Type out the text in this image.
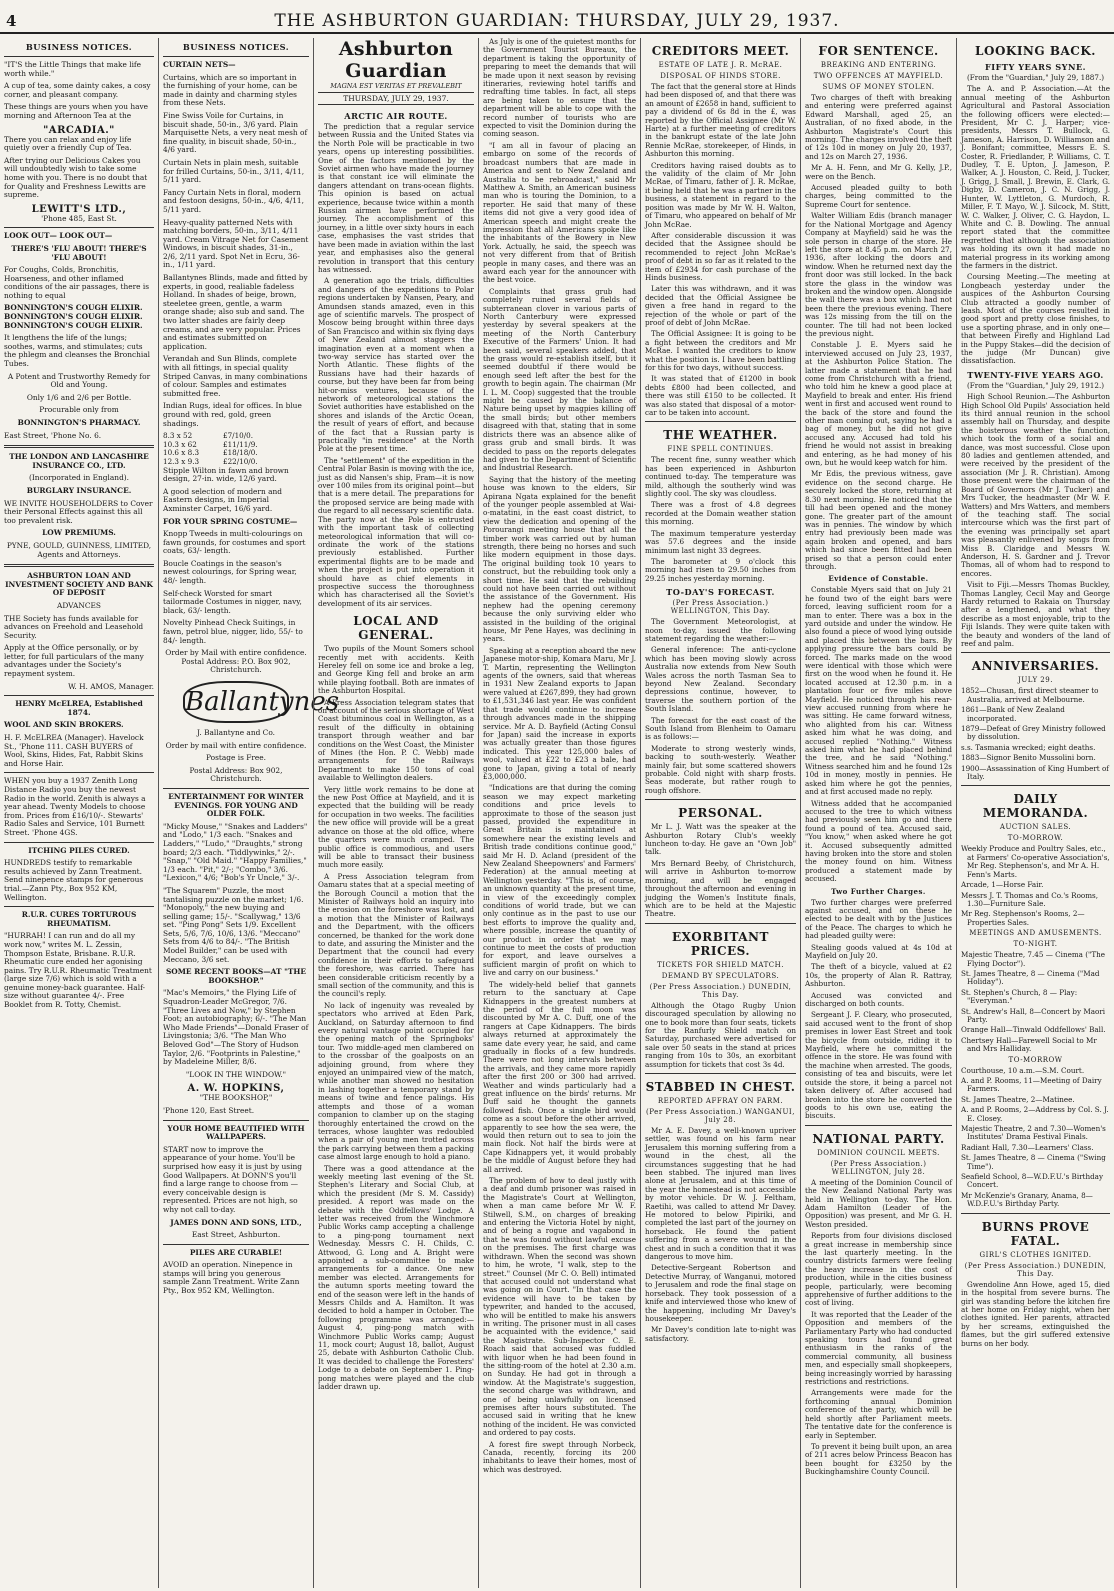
4	THE ASHBURTON GUARDIAN: THURSDAY, JULY 29, 1937.
BUSINESS NOTICES.
"IT'S the Little Things that make life worth while."
A cup of tea, some dainty cakes, a cosy corner, and pleasant company.
These things are yours when you have morning and Afternoon Tea at the
"ARCADIA."
There you can relax and enjoy life quietly over a friendly Cup of Tea.
After trying our Delicious Cakes you will undoubtedly wish to take some home with you. There is no doubt that for Quality and Freshness Lewitts are supreme.
LEWITT'S LTD.,
'Phone 485, East St.
LOOK OUT— LOOK OUT—
THERE'S 'FLU ABOUT! THERE'S 'FLU ABOUT!
For Coughs, Colds, Bronchitis, Hoarseness, and other inflamed conditions of the air passages, there is nothing to equal
BONNINGTON'S COUGH ELIXIR. BONNINGTON'S COUGH ELIXIR. BONNINGTON'S COUGH ELIXIR.
It lengthens the life of the lungs; soothes, warms, and stimulates; cuts the phlegm and cleanses the Bronchial Tubes.
A Potent and Trustworthy Remedy for Old and Young.
Only 1/6 and 2/6 per Bottle.
Procurable only from
BONNINGTON'S PHARMACY.
East Street, 'Phone No. 6.
THE LONDON AND LANCASHIRE INSURANCE CO., LTD.
(Incorporated in England).
BURGLARY INSURANCE.
WE INVITE HOUSEHOLDERS to Cover their Personal Effects against this all too prevalent risk.
LOW PREMIUMS.
PYNE, GOULD, GUINNESS, LIMITED, Agents and Attorneys.
ASHBURTON LOAN AND INVESTMENT SOCIETY AND BANK OF DEPOSIT
ADVANCES
THE Society has funds available for advances on Freehold and Leasehold Security.
Apply at the Office personally, or by letter, for full particulars of the many advantages under the Society's repayment system.
W. H. AMOS, Manager.
HENRY McELREA, Established 1874.
WOOL AND SKIN BROKERS.
H. F. McELREA (Manager). Havelock St., 'Phone 111. CASH BUYERS of Wool, Skins, Hides, Fat, Rabbit Skins and Horse Hair.
WHEN you buy a 1937 Zenith Long Distance Radio you buy the newest Radio in the world. Zenith is always a year ahead. Twenty Models to choose from. Prices from £16/10/-. Stewarts' Radio Sales and Service, 101 Burnett Street. 'Phone 4GS.
ITCHING PILES CURED.
HUNDREDS testify to remarkable results achieved by Zann Treatment. Send ninepence stamps for generous trial.—Zann Pty., Box 952 KM, Wellington.
R.U.R. CURES TORTUROUS RHEUMATISM.
"HURRAH! I can run and do all my work now," writes M. L. Zessin, Thompson Estate, Brisbane. R.U.R. Rheumatic cure ended her agonising pains. Try R.U.R. Rheumatic Treatment (large size 7/6) which is sold with a genuine money-back guarantee. Half-size without guarantee 4/-. Free Booklet from R. Totty, Chemist.
BUSINESS NOTICES.
CURTAIN NETS—
Curtains, which are so important in the furnishing of your home, can be made in dainty and charming styles from these Nets.
Fine Swiss Voile for Curtains, in biscuit shade, 50-in., 3/6 yard. Plain Marquisette Nets, a very neat mesh of fine quality, in biscuit shade, 50-in., 4/6 yard.
Curtain Nets in plain mesh, suitable for frilled Curtains, 50-in., 3/11, 4/11, 5/11 yard.
Fancy Curtain Nets in floral, modern and festoon designs, 50-in., 4/6, 4/11, 5/11 yard.
Heavy-quality patterned Nets with matching borders, 50-in., 3/11, 4/11 yard. Cream Vitrage Net for Casement Windows, in biscuit shades, 31-in., 2/6, 2/11 yard. Spot Net in Ecru, 36-in., 1/11 yard.
Ballantynes Blinds, made and fitted by experts, in good, realiable fadeless Holland. In shades of beige, brown, steeletee green, gentle, a warm orange shade; also sub and sand. The two latter shades are fairly deep creams, and are very popular. Prices and estimates submitted on application.
Verandah and Sun Blinds, complete with all fittings, in special quality Striped Canvas, in many combinations of colour. Samples and estimates submitted free.
Indian Rugs, ideal for offices. In blue ground with red, gold, green shadings.
8.3 x 52	£7/10/0.
10.3 x 62	£11/11/9.
10.6 x 8.3	£18/18/0.
12.3 x 9.3	£22/10/0.
Stipple Wilton in fawn and brown design, 27-in. wide, 12/6 yard.
A good selection of modern and Eastern designs, in Imperial Axminster Carpet, 16/6 yard.
FOR YOUR SPRING COSTUME—
Knopp Tweeds in multi-colourings on fawn grounds, for costumes and sport coats, 63/- length.
Boucle Coatings in the season's newest colourings, for Spring wear, 48/- length.
Self-check Worsted for smart tailormade Costumes in nigger, navy, black, 63/- length.
Novelty Pinhead Check Suitings, in fawn, petrol blue, nigger, lido, 55/- to 84/- length.
Order by Mail with entire confidence. Postal Address: P.O. Box 902, Christchurch.
Ballantynes
J. Ballantyne and Co.
Order by mail with entire confidence.
Postage is Free.
Postal Address: Box 902, Christchurch.
ENTERTAINMENT FOR WINTER EVENINGS. FOR YOUNG AND OLDER FOLK.
"Micky Mouse," "Snakes and Ladders" and "Lodo," 1/3 each. "Snakes and Ladders," "Ludo," "Draughts," strong board; 2/3 each. "Tiddlywinks," 2/-. "Snap," "Old Maid." "Happy Families," 1/3 each. "Pit," 2/-; "Combo," 3/6. "Lexicon," 4/6; "Bob's Yr Uncle," 3/-.
"The Squarem" Puzzle, the most tantalising puzzle on the market; 1/6. "Monopoly," the new buying and selling game; 15/-. "Scallywag," 13/6 set. "Ping Pong" Sets 1/9. Excellent Sets, 5/6, 7/6, 10/6, 13/6. "Meccano" Sets from 4/6 to 84/-. "The British Model Builder," can be used with Meccano, 3/6 set.
SOME RECENT BOOKS—AT "THE BOOKSHOP."
"Mac's Memoirs," the Flying Life of Squadron-Leader McGregor, 7/6. "Three Lives and Now," by Stephen Foot; an autobiography; 6/-. "The Man Who Made Friends"—Donald Fraser of Livingstonia; 3/6. "The Man Who Beloved God"—The Story of Hudson Taylor, 2/6. "Footprints in Palestine," by Madeleine Miller, 8/6.
"LOOK IN THE WINDOW."
A. W. HOPKINS,
"THE BOOKSHOP,"
'Phone 120, East Street.
YOUR HOME BEAUTIFIED WITH WALLPAPERS.
START now to improve the appearance of your home. You'll be surprised how easy it is just by using Good Wallpapers. At DONN'S you'll find a large range to choose from — every conceivable design is represented. Prices are not high, so why not call to-day.
JAMES DONN AND SONS, LTD.,
East Street, Ashburton.
PILES ARE CURABLE!
AVOID an operation. Ninepence in stamps will bring you generous sample Zann Treatment. Write Zann Pty., Box 952 KM, Wellington.
Ashburton Guardian
MAGNA EST VERITAS ET PREVALEBIT
THURSDAY, JULY 29, 1937.
ARCTIC AIR ROUTE.
The prediction that a regular service between Russia and the United States via the North Pole will be practicable in two years, opens up interesting possibilities. One of the factors mentioned by the Soviet airmen who have made the journey is that constant ice will eliminate the dangers attendant on trans-ocean flights. This opinion is based on actual experience, because twice within a month Russian airmen have performed the journey. The accomplishment of this journey, in a little over sixty hours in each case, emphasises the vast strides that have been made in aviation within the last year, and emphasises also the general revolution in transport that this century has witnessed.
A generation ago the trials, difficulties and dangers of the expeditions to Polar regions undertaken by Nansen, Peary, and Amundsen stands amazed, even in this age of scientific marvels. The prospect of Moscow being brought within three days of San Francisco and within six flying days of New Zealand almost staggers the imagination even at a moment when a two-way service has started over the North Atlantic. These flights of the Russians have had their hazards of course, but they have been far from being hit-or-miss ventures, because of the network of meteorological stations the Soviet authorities have established on the shores and islands of the Arctic Ocean, the result of years of effort, and because of the fact that a Russian party is practically "in residence" at the North Pole at the present time.
The "settlement" of the expedition in the Central Polar Basin is moving with the ice, just as did Nansen's ship, Fram—it is now over 100 miles from its original point—but that is a mere detail. The preparations for the proposed service are being made with due regard to all necessary scientific data. The party now at the Pole is entrusted with the important task of collecting meteorological information that will co-ordinate the work of the stations previously established. Further experimental flights are to be made and when the project is put into operation it should have as chief elements in prospective success the thoroughness which has characterised all the Soviet's development of its air services.
LOCAL AND GENERAL.
Two pupils of the Mount Somers school recently met with accidents. Keith Hereley fell on some ice and broke a leg, and George King fell and broke an arm while playing football. Both are inmates of the Ashburton Hospital.
A Press Association telegram states that on account of the serious shortage of West Coast bituminous coal in Wellington, as a result of the difficulty in obtaining transport through weather and bar conditions on the West Coast, the Minister of Mines (the Hon. P. C. Webb) made arrangements for the Railways Department to make 150 tons of coal available to Wellington dealers.
Very little work remains to be done at the new Post Office at Mayfield, and it is expected that the building will be ready for occupation in two weeks. The facilities the new office will provide will be a great advance on those at the old office, where the quarters were much cramped. The public office is commodious, and users will be able to transact their business much more easily.
A Press Association telegram from Oamaru states that at a special meeting of the Borough Council a motion that the Minister of Railways hold an inquiry into the erosion on the foreshore was lost, and a motion that the Minister of Railways and the Department, with the officers concerned, be thanked for the work done to date, and assuring the Minister and the Department that the council had every confidence in their efforts to safeguard the foreshore, was carried. There has been considerable criticism recently by a small section of the community, and this is the council's reply.
No lack of ingenuity was revealed by spectators who arrived at Eden Park, Auckland, on Saturday afternoon to find every natural vantage point occupied for the opening match of the Springboks' tour. Two middle-aged men clambered on to the crossbar of the goalposts on an adjoining ground, from where they enjoyed an unimpaired view of the match, while another man showed no hesitation in lashing together a temporary stand by means of twine and fence palings. His attempts and those of a woman companion to clamber up on the staging thoroughly entertained the crowd on the terraces, whose laughter was redoubled when a pair of young men trotted across the park carrying between them a packing case almost large enough to hold a piano.
There was a good attendance at the weekly meeting last evening of the St. Stephen's Literary and Social Club, at which the president (Mr S. M. Cassidy) presided. A report was made on the debate with the Oddfellows' Lodge. A letter was received from the Winchmore Public Works camp accepting a challenge to a ping-pong tournament next Wednesday. Messrs C. H. Childs, C. Attwood, G. Long and A. Bright were appointed a sub-committee to make arrangements for a dance. One new member was elected. Arrangements for the autumn sports meeting toward the end of the season were left in the hands of Messrs Childs and A. Hamilton. It was decided to hold a hamper in October. The following programme was arranged:—August 4, ping-pong match with Winchmore Public Works camp; August 11, mock court; August 18, ballot, August 25, debate with Ashburton Catholic Club. It was decided to challenge the Foresters' Lodge to a debate on September 1. Ping-pong matches were played and the club ladder drawn up.
As July is one of the quietest months for the Government Tourist Bureaux, the department is taking the opportunity of preparing to meet the demands that will be made upon it next season by revising itineraries, reviewing hotel tariffs and redrafting time tables. In fact, all steps are being taken to ensure that the department will be able to cope with the record number of tourists who are expected to visit the Dominion during the coming season.
"I am all in favour of placing an embargo on some of the records of broadcast numbers that are made in America and sent to New Zealand and Australia to be rebroadcast," said Mr Matthew A. Smith, an American business man who is touring the Dominion, to a reporter. He said that many of these items did not give a very good idea of American speech and might create the impression that all Americans spoke like the inhabitants of the Bowery in New York. Actually, he said, the speech was not very different from that of British people in many cases, and there was an award each year for the announcer with the best voice.
Complaints that grass grub had completely ruined several fields of subterranean clover in various parts of North Canterbury were expressed yesterday by several speakers at the meeting of the North Canterbury Executive of the Farmers' Union. It had been said, several speakers added, that the grass would re-establish itself, but it seemed doubtful if there would be enough seed left after the best for the growth to begin again. The chairman (Mr I. L. M. Coop) suggested that the trouble might be caused by the balance of Nature being upset by magpies killing off the small birds; but other members disagreed with that, stating that in some districts there was an absence alike of grass grub and small birds. It was decided to pass on the reports delegates had given to the Department of Scientific and Industrial Research.
Saying that the history of the meeting house was known to the elders, Sir Apirana Ngata explained for the benefit of the younger people assembled at Wai-o-matatini, in the east coast district, to view the dedication and opening of the Porourangi meeting house that all the timber work was carried out by human strength, there being no horses and such like modern equipment in those days. The original building took 10 years to construct, but the rebuilding took only a short time. He said that the rebuilding could not have been carried out without the assistance of the Government. His nephew had the opening ceremony because the only surviving elder who assisted in the building of the original house, Mr Pene Hayes, was declining in years.
Speaking at a reception aboard the new Japanese motor-ship, Komara Maru, Mr J. T. Martin, representing the Wellington agents of the owners, said that whereas in 1931 New Zealand exports to Japan were valued at £267,899, they had grown to £1,531,346 last year. He was confident that trade would continue to increase through advances made in the shipping service. Mr A. D. Bayfield (Acting Consul for Japan) said the increase in exports was actually greater than those figures indicated. This year 125,000 bales of wool, valued at £22 to £23 a bale, had gone to Japan, giving a total of nearly £3,000,000.
"Indications are that during the coming season we may expect marketing conditions and price levels to approximate to those of the season just passed, provided the expenditure in Great Britain is maintained at somewhere near the existing levels and British trade conditions continue good," said Mr H. D. Acland (president of the New Zealand Sheepowners' and Farmers' Federation) at the annual meeting at Wellington yesterday. "This is, of course, an unknown quantity at the present time, in view of the exceedingly complex conditions of world trade, but we can only continue as in the past to use our best efforts to improve the quality and, where possible, increase the quantity of our product in order that we may continue to meet the costs of production for export, and leave ourselves a sufficient margin of profit on which to live and carry on our business."
The widely-held belief that gannets return to the sanctuary at Cape Kidnappers in the greatest numbers at the period of the full moon was discounted by Mr A. C. Duff, one of the rangers at Cape Kidnappers. The birds always returned at approximately the same date every year, he said, and came gradually in flocks of a few hundreds. There were not long intervals between the arrivals, and they came more rapidly after the first 200 or 300 had arrived. Weather and winds particularly had a great influence on the birds' returns. Mr Duff said he thought the gannets followed fish. Once a single bird would come as a scout before the other arrived, apparently to see how the sea were, the would then return out to sea to join the main flock. Not half the birds were at Cape Kidnappers yet, it would probably be the middle of August before they had all arrived.
The problem of how to deal justly with a deaf and dumb prisoner was raised in the Magistrate's Court at Wellington, when a man came before Mr W. F. Stilwell, S.M., on charges of breaking and entering the Victoria Hotel by night, and of being a rogue and vagabond in that he was found without lawful excuse on the premises. The first charge was withdrawn. When the second was shown to him, he wrote, "I walk, step to the street." Counsel (Mr C. O. Bell) intimated that accused could not understand what was going on in Court. "In that case the evidence will have to be taken by typewriter, and handed to the accused, who will be entitled to make his answers in writing. The prisoner must in all cases be acquainted with the evidence," said the Magistrate. Sub-Inspector C. E. Roach said that accused was fuddled with liquor when he had been found in the sitting-room of the hotel at 2.30 a.m. on Sunday. He had got in through a window. At the Magistrate's suggestion, the second charge was withdrawn, and one of being unlawfully on licensed premises after hours substituted. The accused said in writing that he knew nothing of the incident. He was convicted and ordered to pay costs.
A forest fire swept through Norbeck, Canada, recently, forcing its 200 inhabitants to leave their homes, most of which was destroyed.
CREDITORS MEET.
ESTATE OF LATE J. R. McRAE.
DISPOSAL OF HINDS STORE.
The fact that the general store at Hinds had been disposed of, and that there was an amount of £2658 in hand, sufficient to pay a dividend of 6s 8d in the £, was reported by the Official Assignee (Mr W. Harte) at a further meeting of creditors in the bankrupt estate of the late John Rennie McRae, storekeeper, of Hinds, in Ashburton this morning.
Creditors having raised doubts as to the validity of the claim of Mr John McRae, of Timaru, father of J. R. McRae, it being held that he was a partner in the business, a statement in regard to the position was made by Mr W. H. Walton, of Timaru, who appeared on behalf of Mr John McRae.
After considerable discussion it was decided that the Assignee should be recommended to reject John McRae's proof of debt in so far as it related to the item of £2934 for cash purchase of the Hinds business.
Later this was withdrawn, and it was decided that the Official Assignee be given a free hand in regard to the rejection of the whole or part of the proof of debt of John McRae.
The Official Assignee: It is going to be a fight between the creditors and Mr McRae. I wanted the creditors to know what the position is. I have been battling for this for two days, without success.
It was stated that of £1200 in book debts £800 had been collected, and there was still £150 to be collected. It was also stated that disposal of a motor-car to be taken into account.
THE WEATHER.
FINE SPELL CONTINUES.
The recent fine, sunny weather which has been experienced in Ashburton continued to-day. The temperature was mild, although the southerly wind was slightly cool. The sky was cloudless.
There was a frost of 4.8 degrees recorded at the Domain weather station this morning.
The maximum temperature yesterday was 57.6 degrees and the inside minimum last night 33 degrees.
The barometer at 9 o'clock this morning had risen to 29.50 inches from 29.25 inches yesterday morning.
TO-DAY'S FORECAST.
(Per Press Association.) WELLINGTON, This Day.
The Government Meteorologist, at noon to-day, issued the following statement regarding the weather:—
General inference: The anti-cyclone which has been moving slowly across Australia now extends from New South Wales across the north Tasman Sea to beyond New Zealand. Secondary depressions continue, however, to traverse the southern portion of the South Island.
The forecast for the east coast of the South Island from Blenheim to Oamaru is as follows:—
Moderate to strong westerly winds, backing to south-westerly. Weather mainly fair, but some scattered showers probable. Cold night with sharp frosts. Seas moderate, but rather rough to rough offshore.
PERSONAL.
Mr L. J. Watt was the speaker at the Ashburton Rotary Club's weekly luncheon to-day. He gave an "Own Job" talk.
Mrs Bernard Beeby, of Christchurch, will arrive in Ashburton to-morrow morning, and will be engaged throughout the afternoon and evening in judging the Women's Institute finals, which are to be held at the Majestic Theatre.
EXORBITANT PRICES.
TICKETS FOR SHIELD MATCH.
DEMAND BY SPECULATORS.
(Per Press Association.) DUNEDIN, This Day.
Although the Otago Rugby Union discouraged speculation by allowing no one to book more than four seats, tickets for the Ranfurly Shield match on Saturday, purchased were advertised for sale over 50 seats in the stand at prices ranging from 10s to 30s, an exorbitant assumption for tickets that cost 3s 4d.
STABBED IN CHEST.
REPORTED AFFRAY ON FARM.
(Per Press Association.) WANGANUI, July 28.
Mr A. E. Davey, a well-known upriver settler, was found on his farm near Jerusalem this morning suffering from a wound in the chest, all the circumstances suggesting that he had been stabbed. The injured man lives alone at Jerusalem, and at this time of the year the homestead is not accessible by motor vehicle. Dr W. J. Feltham, Raetihi, was called to attend Mr Davey. He motored to below Pipiriki, and completed the last part of the journey on horseback. He found the patient suffering from a severe wound in the chest and in such a condition that it was dangerous to move him.
Detective-Sergeant Robertson and Detective Murray, of Wanganui, motored to Jerusalem and rode the final stage on horseback. They took possession of a knife and interviewed those who knew of the happening, including Mr Davey's housekeeper.
Mr Davey's condition late to-night was satisfactory.
FOR SENTENCE.
BREAKING AND ENTERING.
TWO OFFENCES AT MAYFIELD.
SUMS OF MONEY STOLEN.
Two charges of theft with breaking and entering were preferred against Edward Marshall, aged 25, an Australian, of no fixed abode, in the Ashburton Magistrate's Court this morning. The charges involved the theft of 12s 10d in money on July 20, 1937, and 12s on March 27, 1936.
Mr A. H. Fenn, and Mr G. Kelly, J.P., were on the Bench.
Accused pleaded guilty to both charges, being committed to the Supreme Court for sentence.
Walter William Edis (branch manager for the National Mortgage and Agency Company at Mayfield) said he was the sole person in charge of the store. He left the store at 8.45 p.m. on March 27, 1936, after locking the doors and window. When he returned next day the front door was still locked. In the back store the glass in the window was broken and the window open. Alongside the wall there was a box which had not been there the previous evening. There was 12s missing from the till on the counter. The till had not been locked the previous night.
Constable J. E. Myers said he interviewed accused on July 23, 1937, at the Ashburton Police Station. The latter made a statement that he had come from Christchurch with a friend, who told him he knew a good place at Mayfield to break and enter. His friend went in first and accused went round to the back of the store and found the other man coming out, saying he had a bag of money, but he did not give accused any. Accused had told his friend he would not assist in breaking and entering, as he had money of his own, but he would keep watch for him.
Mr Edis, the previous witness, gave evidence on the second charge. He securely locked the store, returning at 8.30 next morning. He noticed that the till had been opened and the money gone. The greater part of the amount was in pennies. The window by which entry had previously been made was again broken and opened, and bars which had since been fitted had been prised so that a person could enter through.
Evidence of Constable.
Constable Myers said that on July 21 he found two of the eight bars were forced, leaving sufficient room for a man to enter. There was a box in the yard outside and under the window. He also found a piece of wood lying outside and placed this between the bars. By applying pressure the bars could be forced. The marks made on the wood were identical with those which were first on the wood when he found it. He located accused at 12.30 p.m. in a plantation four or five miles above Mayfield. He noticed through his rear-view accused running from where he was sitting. He came forward witness, who alighted from his car. Witness asked him what he was doing, and accused replied "Nothing." Witness asked him what he had placed behind the tree, and he said "Nothing." Witness searched him and he found 12s 10d in money, mostly in pennies. He asked him where he got the pennies, and at first accused made no reply.
Witness added that he accompanied accused to the tree to which witness had previously seen him go and there found a pound of tea. Accused said, "You know," when asked where he got it. Accused subsequently admitted having broken into the store and stolen the money found on him. Witness produced a statement made by accused.
Two Further Charges.
Two further charges were preferred against accused, and on these he elected to be dealt with by the Justices of the Peace. The charges to which he had pleaded guilty were:
Stealing goods valued at 4s 10d at Mayfield on July 20.
The theft of a bicycle, valued at £2 10s, the property of Alan R. Rattray, Ashburton.
Accused was convicted and discharged on both counts.
Sergeant J. F. Cleary, who prosecuted, said accused went to the front of shop premises in lower East Street and took the bicycle from outside, riding it to Mayfield, where he committed the offence in the store. He was found with the machine when arrested. The goods, consisting of tea and biscuits, were let outside the store, it being a parcel not taken delivery of. After accused had broken into the store he converted the goods to his own use, eating the biscuits.
NATIONAL PARTY.
DOMINION COUNCIL MEETS.
(Per Press Association.) WELLINGTON, July 28.
A meeting of the Dominion Council of the New Zealand National Party was held in Wellington to-day. The Hon. Adam Hamilton (Leader of the Opposition) was present, and Mr G. H. Weston presided.
Reports from four divisions disclosed a great increase in membership since the last quarterly meeting. In the country districts farmers were feeling the heavy increase in the cost of production, while in the cities business people, particularly, were becoming apprehensive of further additions to the cost of living.
It was reported that the Leader of the Opposition and members of the Parliamentary Party who had conducted speaking tours had found great enthusiasm in the ranks of the commercial community, all business men, and especially small shopkeepers, being increasingly worried by harassing restrictions and restrictions.
Arrangements were made for the forthcoming annual Dominion conference of the party, which will be held shortly after Parliament meets. The tentative date for the conference is early in September.
To prevent it being built upon, an area of 211 acres below Princess Beacon has been bought for £3250 by the Buckinghamshire County Council.
LOOKING BACK.
FIFTY YEARS SYNE.
(From the "Guardian," July 29, 1887.)
The A. and P. Association.—At the annual meeting of the Ashburton Agricultural and Pastoral Association the following officers were elected:—President, Mr C. J. Harper; vice-presidents, Messrs T. Bullock, G. Jameson, A. Harrison, D. Williamson and J. Bonifant; committee, Messrs E. S. Coster, R. Friedlander, P. Williams, C. T. Dudley, T. E. Upton, J. Jameson, P. Walker, A. J. Houston, C. Reid, J. Tucker, J. Grigg, J. Small, J. Brewin, E. Clark, G. Digby, D. Cameron, J. C. N. Grigg, J. Hunter, W. Lyttleton, G. Murdoch, R. Miller, F. T. Mayo, W. J. Silcock, M. Stitt, W. C. Walker, J. Oliver, C. G. Haydon, L. White and C. B. Dowling. The annual report stated that the committee regretted that although the association was holding its own it had made no material progress in its working among the farmers in the district.
Coursing Meeting.—The meeting at Longbeach yesterday under the auspices of the Ashburton Coursing Club attracted a goodly number of leash. Most of the courses resulted in good sport and pretty close finishes, to use a sporting phrase, and in only one—that between Firefly and Highland Lad in the Puppy Stakes—did the decision of the judge (Mr Duncan) give dissatisfaction.
TWENTY-FIVE YEARS AGO.
(From the "Guardian," July 29, 1912.)
High School Reunion.—The Ashburton High School Old Pupils' Association held its third annual reunion in the school assembly hall on Thursday, and despite the boisterous weather the function, which took the form of a social and dance, was most successful. Close upon 80 ladies and gentlemen attended, and were received by the president of the association (Mr J. R. Christian). Among those present were the chairman of the Board of Governors (Mr J. Tucker) and Mrs Tucker, the headmaster (Mr W. F. Watters) and Mrs Watters, and members of the teaching staff. The social intercourse which was the first part of the evening was principally set apart was pleasantly enlivened by songs from Miss B. Claridge and Messrs W. Anderson, H. S. Gardner and J. Trevor Thomas, all of whom had to respond to encores.
Visit to Fiji.—Messrs Thomas Buckley, Thomas Langley, Cecil May and George Hardy returned to Rakaia on Thursday after a lengthened, and what they describe as a most enjoyable, trip to the Fiji Islands. They were quite taken with the beauty and wonders of the land of reef and palm.
ANNIVERSARIES.
JULY 29.
1852—Chusan, first direct steamer to Australia, arrived at Melbourne.
1861—Bank of New Zealand incorporated.
1879—Defeat of Grey Ministry followed by dissolution.
s.s. Tasmania wrecked; eight deaths.
1883—Signor Benito Mussolini born.
1900—Assassination of King Humbert of Italy.
DAILY MEMORANDA.
AUCTION SALES.
TO-MORROW.
Weekly Produce and Poultry Sales, etc., at Farmers' Co-operative Association's, Mr Reg. Stephenson's, and Mr A. H. Fenn's Marts.
Arcade, 1—Horse Fair.
Messrs J. T. Thomas and Co.'s Rooms, 1.30—Furniture Sale.
Mr Reg. Stephenson's Rooms, 2—Properties Sales.
MEETINGS AND AMUSEMENTS.
TO-NIGHT.
Majestic Theatre, 7.45 — Cinema ("The Flying Doctor").
St. James Theatre, 8 — Cinema ("Mad Holiday").
St. Stephen's Church, 8 — Play: "Everyman."
St. Andrew's Hall, 8—Concert by Maori Party.
Orange Hall—Tinwald Oddfellows' Ball.
Chertsey Hall—Farewell Social to Mr and Mrs Halliday.
TO-MORROW
Courthouse, 10 a.m.—S.M. Court.
A. and P. Rooms, 11—Meeting of Dairy Farmers.
St. James Theatre, 2—Matinee.
A. and P. Rooms, 2—Address by Col. S. J. E. Closey.
Majestic Theatre, 2 and 7.30—Women's Institutes' Drama Festival Finals.
Radiant Hall, 7.30—Learners' Class.
St. James Theatre, 8 — Cinema ("Swing Time").
Seafield School, 8—W.D.F.U.'s Birthday Concert.
Mr McKenzie's Granary, Anama, 8—W.D.F.U.'s Birthday Party.
BURNS PROVE FATAL.
GIRL'S CLOTHES IGNITED.
(Per Press Association.) DUNEDIN, This Day.
Gwendoline Ann Howe, aged 15, died in the hospital from severe burns. The girl was standing before the kitchen fire at her home on Friday night, when her clothes ignited. Her parents, attracted by her screams, extinguished the flames, but the girl suffered extensive burns on her body.
